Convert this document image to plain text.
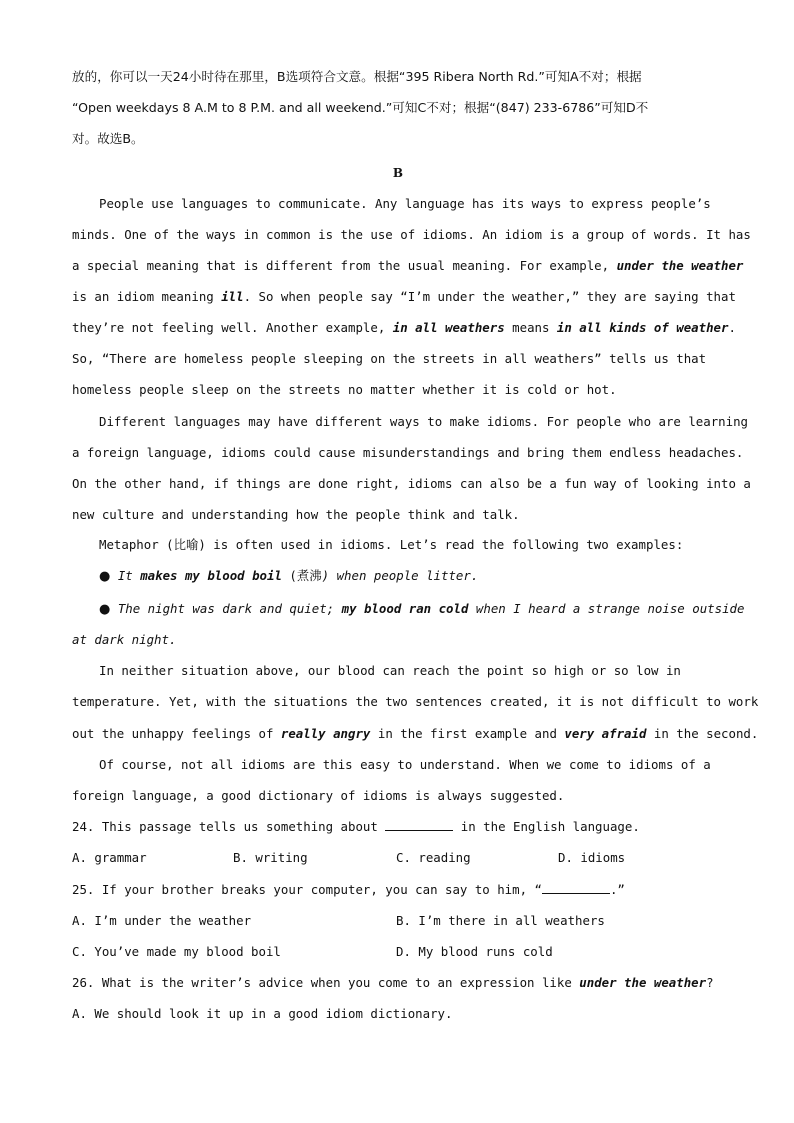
放的，你可以一天24小时待在那里，B选项符合文意。根据“395 Ribera North Rd.”可知A不对；根据
“Open weekdays 8 A.M to 8 P.M. and all weekend.”可知C不对；根据“(847) 233-6786”可知D不
对。故选B。
B
People use languages to communicate. Any language has its ways to express people’s
minds. One of the ways in common is the use of idioms. An idiom is a group of words. It has
a special meaning that is different from the usual meaning. For example, under the weather
is an idiom meaning ill. So when people say “I’m under the weather,” they are saying that
they’re not feeling well. Another example, in all weathers means in all kinds of weather.
So, “There are homeless people sleeping on the streets in all weathers” tells us that
homeless people sleep on the streets no matter whether it is cold or hot.
Different languages may have different ways to make idioms. For people who are learning
a foreign language, idioms could cause misunderstandings and bring them endless headaches.
On the other hand, if things are done right, idioms can also be a fun way of looking into a
new culture and understanding how the people think and talk.
Metaphor (比喻) is often used in idioms. Let’s read the following two examples:
● It makes my blood boil (煮沸) when people litter.
● The night was dark and quiet; my blood ran cold when I heard a strange noise outside
at dark night.
In neither situation above, our blood can reach the point so high or so low in
temperature. Yet, with the situations the two sentences created, it is not difficult to work
out the unhappy feelings of really angry in the first example and very afraid in the second.
Of course, not all idioms are this easy to understand. When we come to idioms of a
foreign language, a good dictionary of idioms is always suggested.
24. This passage tells us something about	in the English language.
A. grammar	B. writing	C. reading	D. idioms
25. If your brother breaks your computer, you can say to him, “	.”
A. I’m under the weather	B. I’m there in all weathers
C. You’ve made my blood boil	D. My blood runs cold
26. What is the writer’s advice when you come to an expression like under the weather?
A. We should look it up in a good idiom dictionary.
